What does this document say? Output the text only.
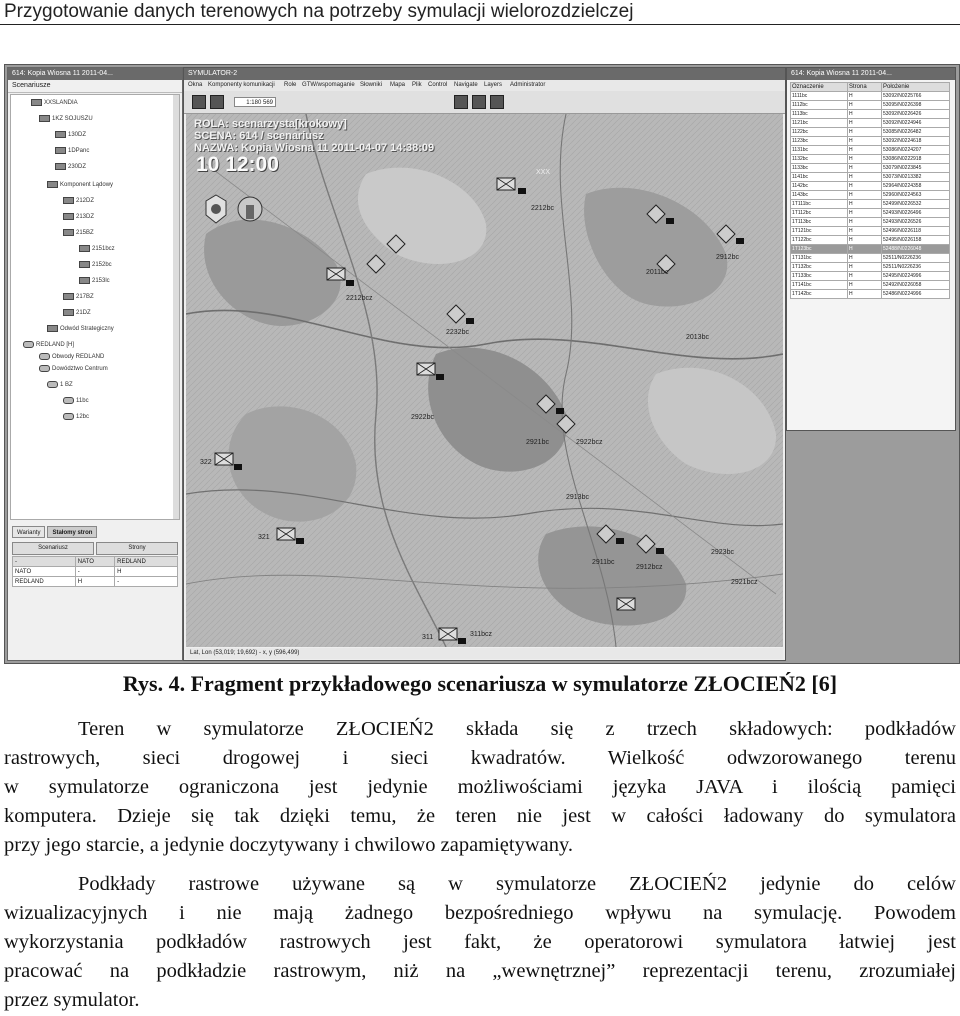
Przygotowanie danych terenowych na potrzeby symulacji wielorozdzielczej
614: Kopia Wiosna 11 2011-04...
Scenariusze
XXSLANDIA
1KZ SOJUSZU
130DZ
1DPanc
230DZ
Komponent Lądowy
212DZ
213DZ
215BZ
2151bcz
2152bc
2153lc
217BZ
21DZ
Odwód Strategiczny
REDLAND [H]
Obwody REDLAND
Dowództwo Centrum
1 BZ
11bc
12bc
Warianty	Stałomy stron
Scenariusz	Strony
-	NATO	REDLAND
NATO	-	H
REDLAND	H	-
SYMULATOR-2
Okna Komponenty komunikacji Role GTW/wspomaganie Słowniki Mapa Plik Control Navigate Layers Administrator
1:180 569
XXX
2212bc
2212bcz
2232bc
2922bc
2011bc
2912bc
2013bc
2921bc	2922bcz
2913bc
2911bc
2912bcz
2923bc
2921bcz
322
321
311	311bcz
ROLA: scenarzysta[krokowy]
SCENA: 614 / scenariusz
NAZWA: Kopia Wiosna 11 2011-04-07 14:38:09
10 12:00
Lat, Lon (53,019; 19,692) - x, y (596,499)
614: Kopia Wiosna 11 2011-04...
Oznaczenie	Strona	Położenie
1111bc	H	53092/N0225766
1112bc	H	53095/N0226398
1113bc	H	53092/N0226426
1121bc	H	53092/N0224946
1122bc	H	53085/N0226482
1123bc	H	53092/N0224618
1131bc	H	53086/N0224207
1132bc	H	53086/N0222918
1133bc	H	53079/N0223845
1141bc	H	53073/N0213382
1142bc	H	52964/N0224358
1143bc	H	52960/N0224563
1T111bc	H	52499/N0226532
1T112bc	H	52493/N0226496
1T113bc	H	52493/N0226526
1T121bc	H	52496/N0226118
1T122bc	H	52495/N0226158
1T123bc	H	52488/N0226048
1T131bc	H	52511/N0226236
1T132bc	H	52511/N0226236
1T133bc	H	52495/N0224996
1T141bc	H	52492/N0226058
1T142bc	H	52486/N0224996
Rys. 4. Fragment przykładowego scenariusza w symulatorze ZŁOCIEŃ2 [6]
Teren w symulatorze ZŁOCIEŃ2 składa się z trzech składowych: podkładów
rastrowych, sieci drogowej i sieci kwadratów. Wielkość odwzorowanego terenu
w symulatorze ograniczona jest jedynie możliwościami języka JAVA i ilością pamięci
komputera. Dzieje się tak dzięki temu, że teren nie jest w całości ładowany do symulatora
przy jego starcie, a jedynie doczytywany i chwilowo zapamiętywany.
Podkłady rastrowe używane są w symulatorze ZŁOCIEŃ2 jedynie do celów
wizualizacyjnych i nie mają żadnego bezpośredniego wpływu na symulację. Powodem
wykorzystania podkładów rastrowych jest fakt, że operatorowi symulatora łatwiej jest
pracować na podkładzie rastrowym, niż na „wewnętrznej” reprezentacji terenu, zrozumiałej
przez symulator.
